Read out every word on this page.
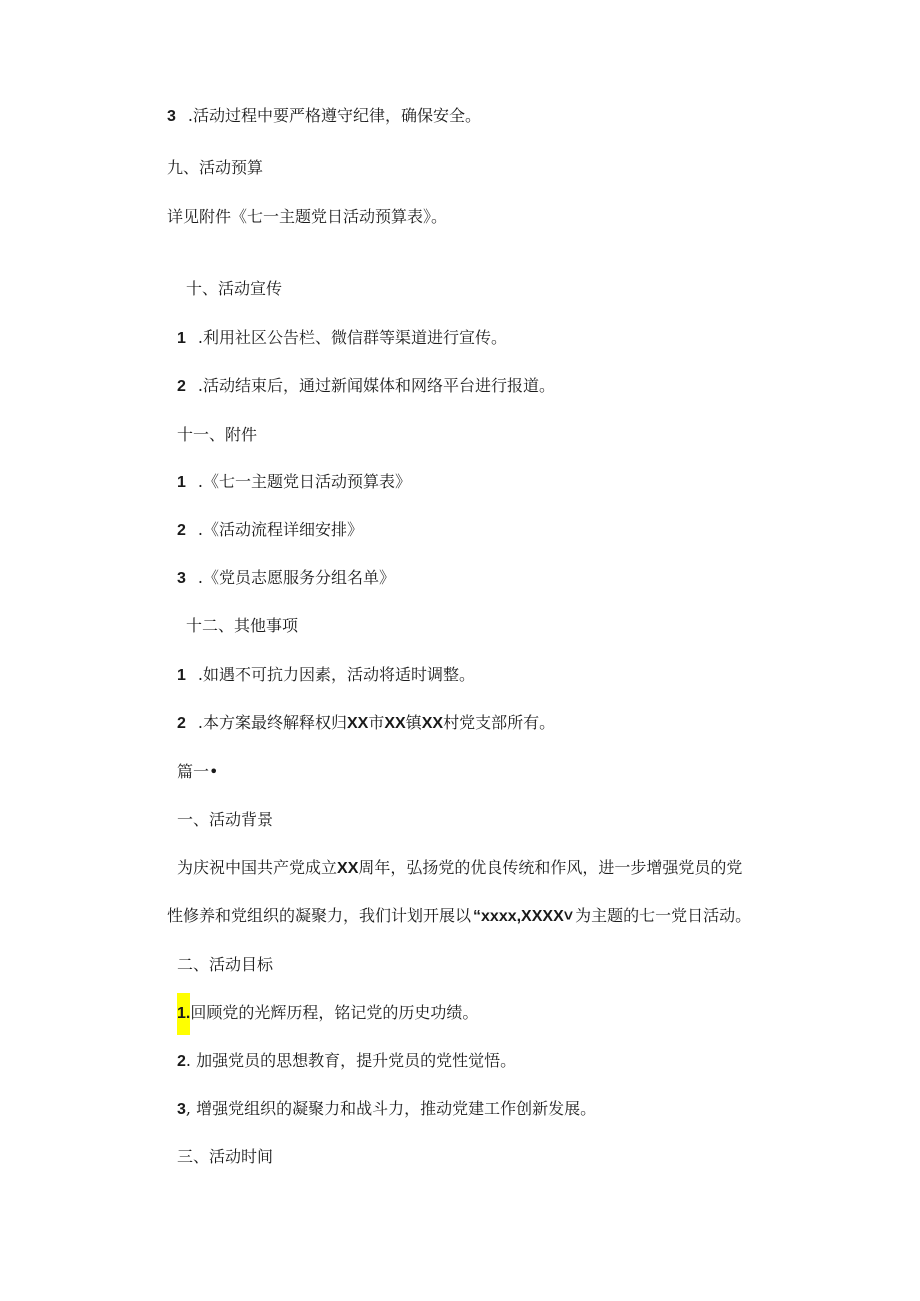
3 .活动过程中要严格遵守纪律，确保安全。
九、活动预算
详见附件《七一主题党日活动预算表》。
十、活动宣传
1 .利用社区公告栏、微信群等渠道进行宣传。
2 .活动结束后，通过新闻媒体和网络平台进行报道。
十一、附件
1 .《七一主题党日活动预算表》
2 .《活动流程详细安排》
3 .《党员志愿服务分组名单》
十二、其他事项
1 .如遇不可抗力因素，活动将适时调整。
2 .本方案最终解释权归XX市XX镇XX村党支部所有。
篇一•
一、活动背景
为庆祝中国共产党成立XX周年，弘扬党的优良传统和作风，进一步增强党员的党
性修养和党组织的凝聚力，我们计划开展以 “xxxx,XXXX˅ 为主题的七一党日活动。
二、活动目标
1.回顾党的光辉历程，铭记党的历史功绩。
2. 加强党员的思想教育，提升党员的党性觉悟。
3, 增强党组织的凝聚力和战斗力，推动党建工作创新发展。
三、活动时间
